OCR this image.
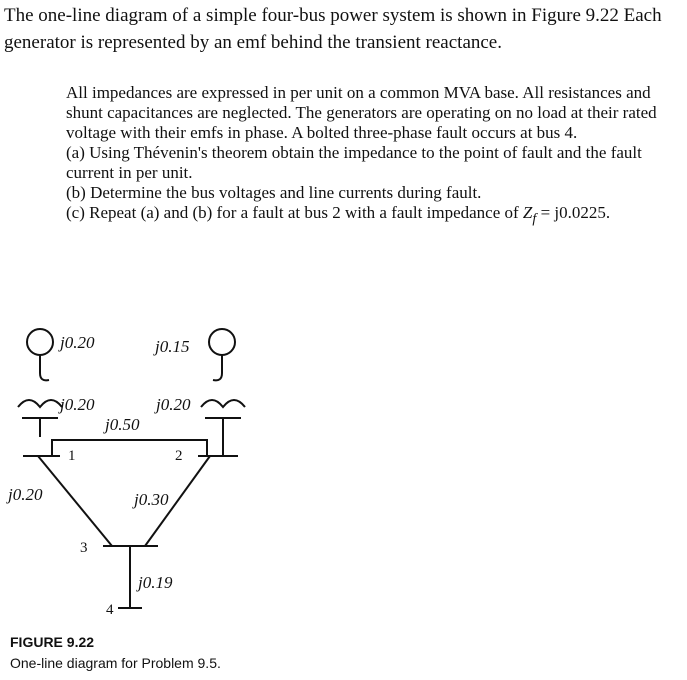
The one-line diagram of a simple four-bus power system is shown in Figure 9.22 Each generator is represented by an emf behind the transient reactance.

All impedances are expressed in per unit on a common MVA base. All resistances and shunt capacitances are neglected. The generators are operating on no load at their rated voltage with their emfs in phase. A bolted three-phase fault occurs at bus 4.

(a) Using Thévenin's theorem obtain the impedance to the point of fault and the fault current in per unit.

(b) Determine the bus voltages and line currents during fault.

(c) Repeat (a) and (b) for a fault at bus 2 with a fault impedance of $Z_f = j0.0225$.

j0.20	j0.15
j0.20	j0.20
j0.50
j0.20	j0.30
j0.19
1	2
3
4

FIGURE 9.22

One-line diagram for Problem 9.5.
